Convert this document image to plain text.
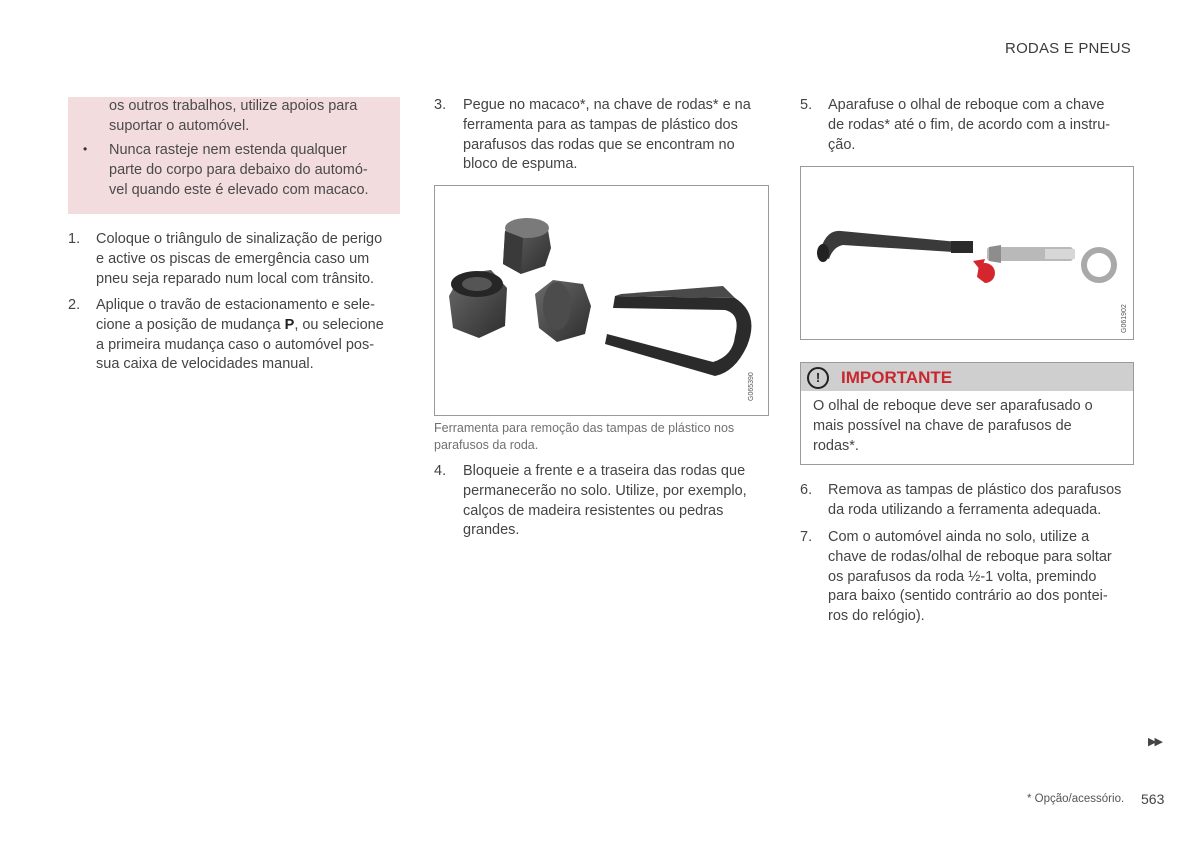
RODAS E PNEUS
os outros trabalhos, utilize apoios para
suportar o automóvel.
• Nunca rasteje nem estenda qualquer
parte do corpo para debaixo do automó-
vel quando este é elevado com macaco.
1. Coloque o triângulo de sinalização de perigo
e active os piscas de emergência caso um
pneu seja reparado num local com trânsito.
2. Aplique o travão de estacionamento e sele-
cione a posição de mudança P, ou selecione
a primeira mudança caso o automóvel pos-
sua caixa de velocidades manual.
3. Pegue no macaco*, na chave de rodas* e na
ferramenta para as tampas de plástico dos
parafusos das rodas que se encontram no
bloco de espuma.
G065390
Ferramenta para remoção das tampas de plástico nos
parafusos da roda.
4. Bloqueie a frente e a traseira das rodas que
permanecerão no solo. Utilize, por exemplo,
calços de madeira resistentes ou pedras
grandes.
5. Aparafuse o olhal de reboque com a chave
de rodas* até o fim, de acordo com a instru-
ção.
G061902
!	IMPORTANTE
O olhal de reboque deve ser aparafusado o
mais possível na chave de parafusos de
rodas*.
6. Remova as tampas de plástico dos parafusos
da roda utilizando a ferramenta adequada.
7. Com o automóvel ainda no solo, utilize a
chave de rodas/olhal de reboque para soltar
os parafusos da roda ½-1 volta, premindo
para baixo (sentido contrário ao dos pontei-
ros do relógio).
▶▶
* Opção/acessório. 563
